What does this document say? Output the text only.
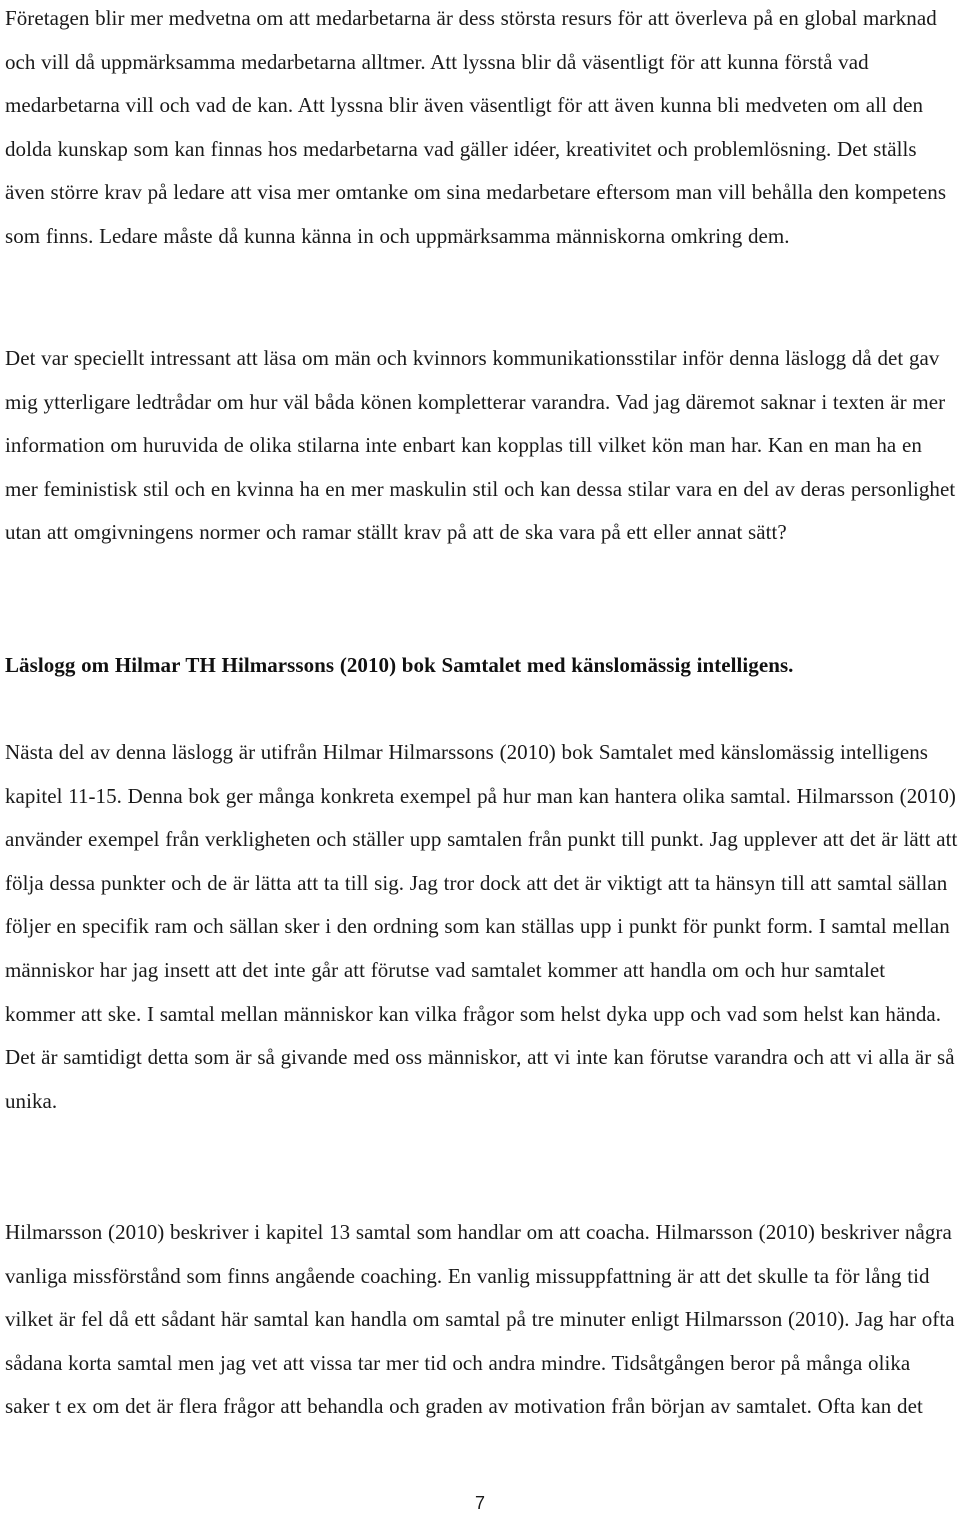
Företagen blir mer medvetna om att medarbetarna är dess största resurs för att överleva på en global marknad och vill då uppmärksamma medarbetarna alltmer. Att lyssna blir då väsentligt för att kunna förstå vad medarbetarna vill och vad de kan. Att lyssna blir även väsentligt för att även kunna bli medveten om all den dolda kunskap som kan finnas hos medarbetarna vad gäller idéer, kreativitet och problemlösning. Det ställs även större krav på ledare att visa mer omtanke om sina medarbetare eftersom man vill behålla den kompetens som finns. Ledare måste då kunna känna in och uppmärksamma människorna omkring dem.

Det var speciellt intressant att läsa om män och kvinnors kommunikationsstilar inför denna läslogg då det gav mig ytterligare ledtrådar om hur väl båda könen kompletterar varandra. Vad jag däremot saknar i texten är mer information om huruvida de olika stilarna inte enbart kan kopplas till vilket kön man har. Kan en man ha en mer feministisk stil och en kvinna ha en mer maskulin stil och kan dessa stilar vara en del av deras personlighet utan att omgivningens normer och ramar ställt krav på att de ska vara på ett eller annat sätt?

Läslogg om Hilmar TH Hilmarssons (2010) bok Samtalet med känslomässig intelligens.

Nästa del av denna läslogg är utifrån Hilmar Hilmarssons (2010) bok Samtalet med känslomässig intelligens kapitel 11-15. Denna bok ger många konkreta exempel på hur man kan hantera olika samtal. Hilmarsson (2010) använder exempel från verkligheten och ställer upp samtalen från punkt till punkt. Jag upplever att det är lätt att följa dessa punkter och de är lätta att ta till sig. Jag tror dock att det är viktigt att ta hänsyn till att samtal sällan följer en specifik ram och sällan sker i den ordning som kan ställas upp i punkt för punkt form. I samtal mellan människor har jag insett att det inte går att förutse vad samtalet kommer att handla om och hur samtalet kommer att ske. I samtal mellan människor kan vilka frågor som helst dyka upp och vad som helst kan hända. Det är samtidigt detta som är så givande med oss människor, att vi inte kan förutse varandra och att vi alla är så unika.

Hilmarsson (2010) beskriver i kapitel 13 samtal som handlar om att coacha. Hilmarsson (2010) beskriver några vanliga missförstånd som finns angående coaching. En vanlig missuppfattning är att det skulle ta för lång tid vilket är fel då ett sådant här samtal kan handla om samtal på tre minuter enligt Hilmarsson (2010). Jag har ofta sådana korta samtal men jag vet att vissa tar mer tid och andra mindre. Tidsåtgången beror på många olika saker t ex om det är flera frågor att behandla och graden av motivation från början av samtalet. Ofta kan det

7
